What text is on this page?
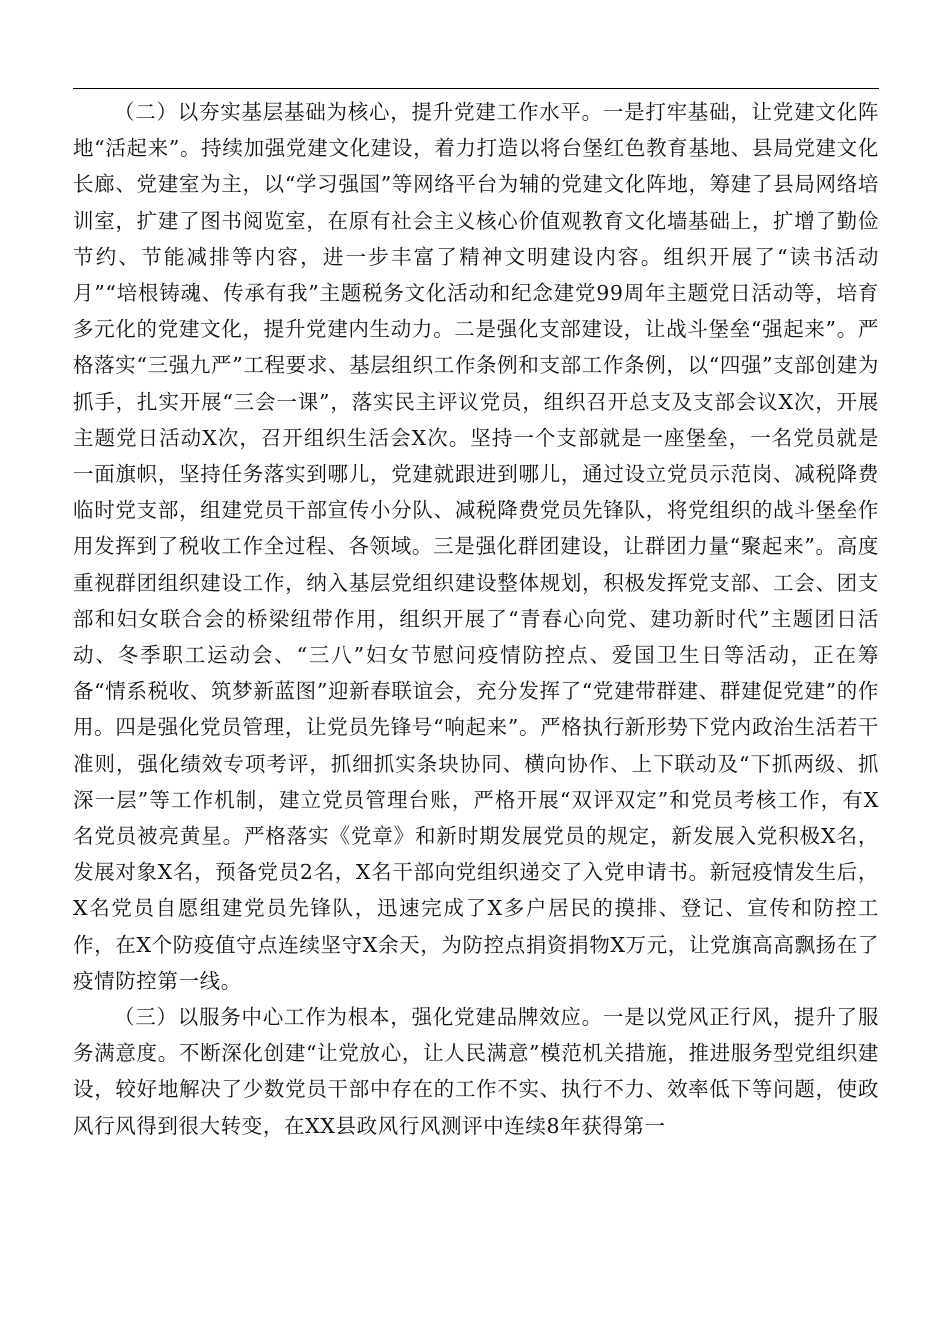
（二）以夯实基层基础为核心，提升党建工作水平。一是打牢基础，让党建文化阵地“活起来”。持续加强党建文化建设，着力打造以将台堡红色教育基地、县局党建文化长廊、党建室为主，以“学习强国”等网络平台为辅的党建文化阵地，筹建了县局网络培训室，扩建了图书阅览室，在原有社会主义核心价值观教育文化墙基础上，扩增了勤俭节约、节能减排等内容，进一步丰富了精神文明建设内容。组织开展了“读书活动月”“培根铸魂、传承有我”主题税务文化活动和纪念建党99周年主题党日活动等，培育多元化的党建文化，提升党建内生动力。二是强化支部建设，让战斗堡垒“强起来”。严格落实“三强九严”工程要求、基层组织工作条例和支部工作条例，以“四强”支部创建为抓手，扎实开展“三会一课”，落实民主评议党员，组织召开总支及支部会议X次，开展主题党日活动X次，召开组织生活会X次。坚持一个支部就是一座堡垒，一名党员就是一面旗帜，坚持任务落实到哪儿，党建就跟进到哪儿，通过设立党员示范岗、减税降费临时党支部，组建党员干部宣传小分队、减税降费党员先锋队，将党组织的战斗堡垒作用发挥到了税收工作全过程、各领域。三是强化群团建设，让群团力量“聚起来”。高度重视群团组织建设工作，纳入基层党组织建设整体规划，积极发挥党支部、工会、团支部和妇女联合会的桥梁纽带作用，组织开展了“青春心向党、建功新时代”主题团日活动、冬季职工运动会、“三八”妇女节慰问疫情防控点、爱国卫生日等活动，正在筹备“情系税收、筑梦新蓝图”迎新春联谊会，充分发挥了“党建带群建、群建促党建”的作用。四是强化党员管理，让党员先锋号“响起来”。严格执行新形势下党内政治生活若干准则，强化绩效专项考评，抓细抓实条块协同、横向协作、上下联动及“下抓两级、抓深一层”等工作机制，建立党员管理台账，严格开展“双评双定”和党员考核工作，有X名党员被亮黄星。严格落实《党章》和新时期发展党员的规定，新发展入党积极X名，发展对象X名，预备党员2名，X名干部向党组织递交了入党申请书。新冠疫情发生后，X名党员自愿组建党员先锋队，迅速完成了X多户居民的摸排、登记、宣传和防控工作，在X个防疫值守点连续坚守X余天，为防控点捐资捐物X万元，让党旗高高飘扬在了疫情防控第一线。

（三）以服务中心工作为根本，强化党建品牌效应。一是以党风正行风，提升了服务满意度。不断深化创建“让党放心，让人民满意”模范机关措施，推进服务型党组织建设，较好地解决了少数党员干部中存在的工作不实、执行不力、效率低下等问题，使政风行风得到很大转变，在XX县政风行风测评中连续8年获得第一
